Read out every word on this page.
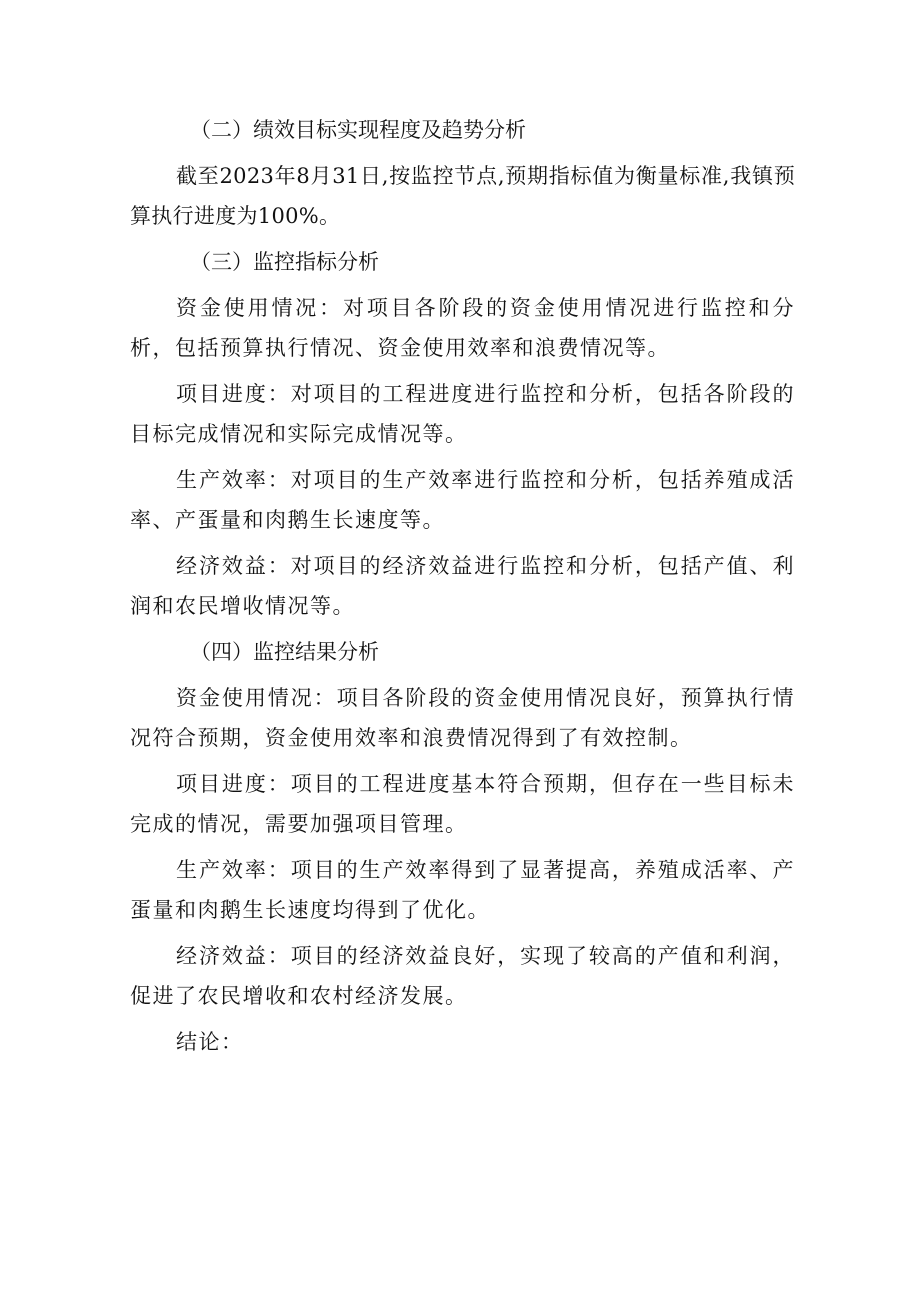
（二）绩效目标实现程度及趋势分析

截至2023年8月31日,按监控节点,预期指标值为衡量标准,我镇预算执行进度为100%。

（三）监控指标分析

资金使用情况：对项目各阶段的资金使用情况进行监控和分析，包括预算执行情况、资金使用效率和浪费情况等。

项目进度：对项目的工程进度进行监控和分析，包括各阶段的目标完成情况和实际完成情况等。

生产效率：对项目的生产效率进行监控和分析，包括养殖成活率、产蛋量和肉鹅生长速度等。

经济效益：对项目的经济效益进行监控和分析，包括产值、利润和农民增收情况等。

（四）监控结果分析

资金使用情况：项目各阶段的资金使用情况良好，预算执行情况符合预期，资金使用效率和浪费情况得到了有效控制。

项目进度：项目的工程进度基本符合预期，但存在一些目标未完成的情况，需要加强项目管理。

生产效率：项目的生产效率得到了显著提高，养殖成活率、产蛋量和肉鹅生长速度均得到了优化。

经济效益：项目的经济效益良好，实现了较高的产值和利润，促进了农民增收和农村经济发展。

结论：
